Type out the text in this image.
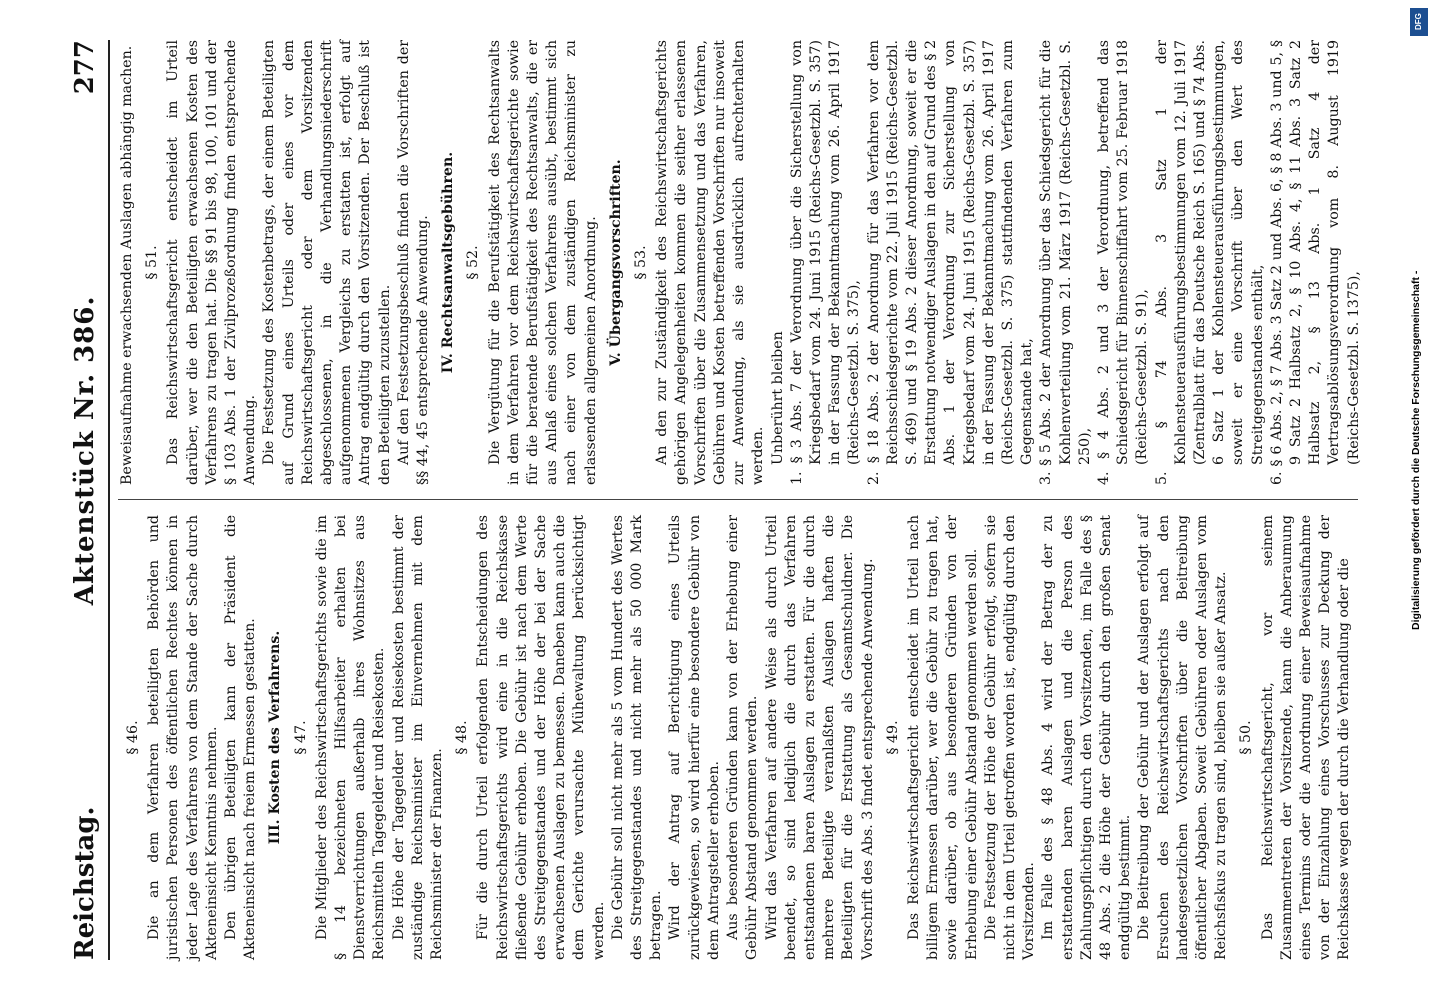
Reichstag.
Aktenstück Nr. 386.
277
§ 46. Die an dem Verfahren beteiligten Behörden und juristischen Personen des öffentlichen Rechtes können in jeder Lage des Verfahrens von dem Stande der Sache durch Akteneinsicht Kenntnis nehmen. Den übrigen Beteiligten kann der Präsident die Akteneinsicht nach freiem Ermessen gestatten. III. Kosten des Verfahrens. § 47. Die Mitglieder des Reichswirtschaftsgerichts sowie die im § 14 bezeichneten Hilfsarbeiter erhalten bei Dienstverrichtungen außerhalb ihres Wohnsitzes aus Reichsmitteln Tagegelder und Reisekosten. Die Höhe der Tagegelder und Reisekosten bestimmt der zuständige Reichsminister im Einvernehmen mit dem Reichsminister der Finanzen.

§ 48. Für die durch Urteil erfolgenden Entscheidungen des Reichswirtschaftsgerichts wird eine in die Reichskasse fließende Gebühr erhoben. Die Gebühr ist nach dem Werte des Streitgegenstandes und der Höhe der bei der Sache erwachsenen Auslagen zu bemessen. Daneben kann auch die dem Gerichte verursachte Mühewaltung berücksichtigt werden. Die Gebühr soll nicht mehr als 5 vom Hundert des Wertes des Streitgegenstandes und nicht mehr als 50 000 Mark betragen. Wird der Antrag auf Berichtigung eines Urteils zurückgewiesen, so wird hierfür eine besondere Gebühr von dem Antragsteller erhoben. Aus besonderen Gründen kann von der Erhebung einer Gebühr Abstand genommen werden. Wird das Verfahren auf andere Weise als durch Urteil beendet, so sind lediglich die durch das Verfahren entstandenen baren Auslagen zu erstatten. Für die durch mehrere Beteiligte veranlaßten Auslagen haften die Beteiligten für die Erstattung als Gesamtschuldner. Die Vorschrift des Abs. 3 findet entsprechende Anwendung. § 49. Das Reichswirtschaftsgericht entscheidet im Urteil nach billigem Ermessen darüber, wer die Gebühr zu tragen hat, sowie darüber, ob aus besonderen Gründen von der Erhebung einer Gebühr Abstand genommen werden soll. Die Festsetzung der Höhe der Gebühr erfolgt, sofern sie nicht in dem Urteil getroffen worden ist, endgültig durch den Vorsitzenden. Im Falle des § 48 Abs. 4 wird der Betrag der zu erstattenden baren Auslagen und die Person des Zahlungspflichtigen durch den Vorsitzenden, im Falle des § 48 Abs. 2 die Höhe der Gebühr durch den großen Senat endgültig bestimmt. Die Beitreibung der Gebühr und der Auslagen erfolgt auf Ersuchen des Reichswirtschaftsgerichts nach den landesgesetzlichen Vorschriften über die Beitreibung öffentlicher Abgaben. Soweit Gebühren oder Auslagen vom Reichsfiskus zu tragen sind, bleiben sie außer Ansatz. § 50. Das Reichswirtschaftsgericht, vor seinem Zusammentreten der Vorsitzende, kann die Anberaumung eines Termins oder die Anordnung einer Beweisaufnahme von der Einzahlung eines Vorschusses zur Deckung der Reichskasse wegen der durch die Verhandlung oder die

Beweisaufnahme erwachsenden Auslagen abhängig machen. § 51. Das Reichswirtschaftsgericht entscheidet im Urteil darüber, wer die den Beteiligten erwachsenen Kosten des Verfahrens zu tragen hat. Die §§ 91 bis 98, 100, 101 und der § 103 Abs. 1 der Zivilprozeßordnung finden entsprechende Anwendung. Die Festsetzung des Kostenbetrags, der einem Beteiligten auf Grund eines Urteils oder eines vor dem Reichswirtschaftsgericht oder dem Vorsitzenden abgeschlossenen, in die Verhandlungsniederschrift aufgenommenen Vergleichs zu erstatten ist, erfolgt auf Antrag endgültig durch den Vorsitzenden. Der Beschluß ist den Beteiligten zuzustellen. Auf den Festsetzungsbeschluß finden die Vorschriften der §§ 44, 45 entsprechende Anwendung. IV. Rechtsanwaltsgebühren. § 52. Die Vergütung für die Berufstätigkeit des Rechtsanwalts in dem Verfahren vor dem Reichswirtschaftsgerichte sowie für die beratende Berufstätigkeit des Rechtsanwalts, die er aus Anlaß eines solchen Verfahrens ausübt, bestimmt sich nach einer von dem zuständigen Reichsminister zu erlassenden allgemeinen Anordnung. V. Übergangsvorschriften. § 53. An den zur Zuständigkeit des Reichswirtschaftsgerichts gehörigen Angelegenheiten kommen die seither erlassenen Vorschriften über die Zusammensetzung und das Verfahren, Gebühren und Kosten betreffenden Vorschriften nur insoweit zur Anwendung, als sie ausdrücklich aufrechterhalten werden. Unberührt bleiben 1. § 3 Abs. 7 der Verordnung über die Sicherstellung von Kriegsbedarf vom 24. Juni 1915 (Reichs-Gesetzbl. S. 357) in der Fassung der Bekanntmachung vom 26. April 1917 (Reichs-Gesetzbl. S. 375), 2. § 18 Abs. 2 der Anordnung für das Verfahren vor dem Reichsschiedsgerichte vom 22. Juli 1915 (Reichs-Gesetzbl. S. 469) und § 19 Abs. 2 dieser Anordnung, soweit er die Erstattung notwendiger Auslagen in den auf Grund des § 2 Abs. 1 der Verordnung zur Sicherstellung von Kriegsbedarf vom 24. Juni 1915 (Reichs-Gesetzbl. S. 357) in der Fassung der Bekanntmachung vom 26. April 1917 (Reichs-Gesetzbl. S. 375) stattfindenden Verfahren zum Gegenstande hat, 3. § 5 Abs. 2 der Anordnung über das Schiedsgericht für die Kohlenverteilung vom 21. März 1917 (Reichs-Gesetzbl. S. 250), 4. § 4 Abs. 2 und 3 der Verordnung, betreffend das Schiedsgericht für Binnenschiffahrt vom 25. Februar 1918 (Reichs-Gesetzbl. S. 91), 5. § 74 Abs. 3 Satz 1 der Kohlensteuerausführungsbestimmungen vom 12. Juli 1917 (Zentralblatt für das Deutsche Reich S. 165) und § 74 Abs. 6 Satz 1 der Kohlensteuerausführungsbestimmungen, soweit er eine Vorschrift über den Wert des Streitgegenstandes enthält, 6. § 6 Abs. 2, § 7 Abs. 3 Satz 2 und Abs. 6, § 8 Abs. 3 und 5, § 9 Satz 2 Halbsatz 2, § 10 Abs. 4, § 11 Abs. 3 Satz 2 Halbsatz 2, § 13 Abs. 1 Satz 4 der Vertragsablösungsverordnung vom 8. August 1919 (Reichs-Gesetzbl. S. 1375),	Digitalisierung gefördert durch die Deutsche Forschungsgemeinschaft -
DFG
